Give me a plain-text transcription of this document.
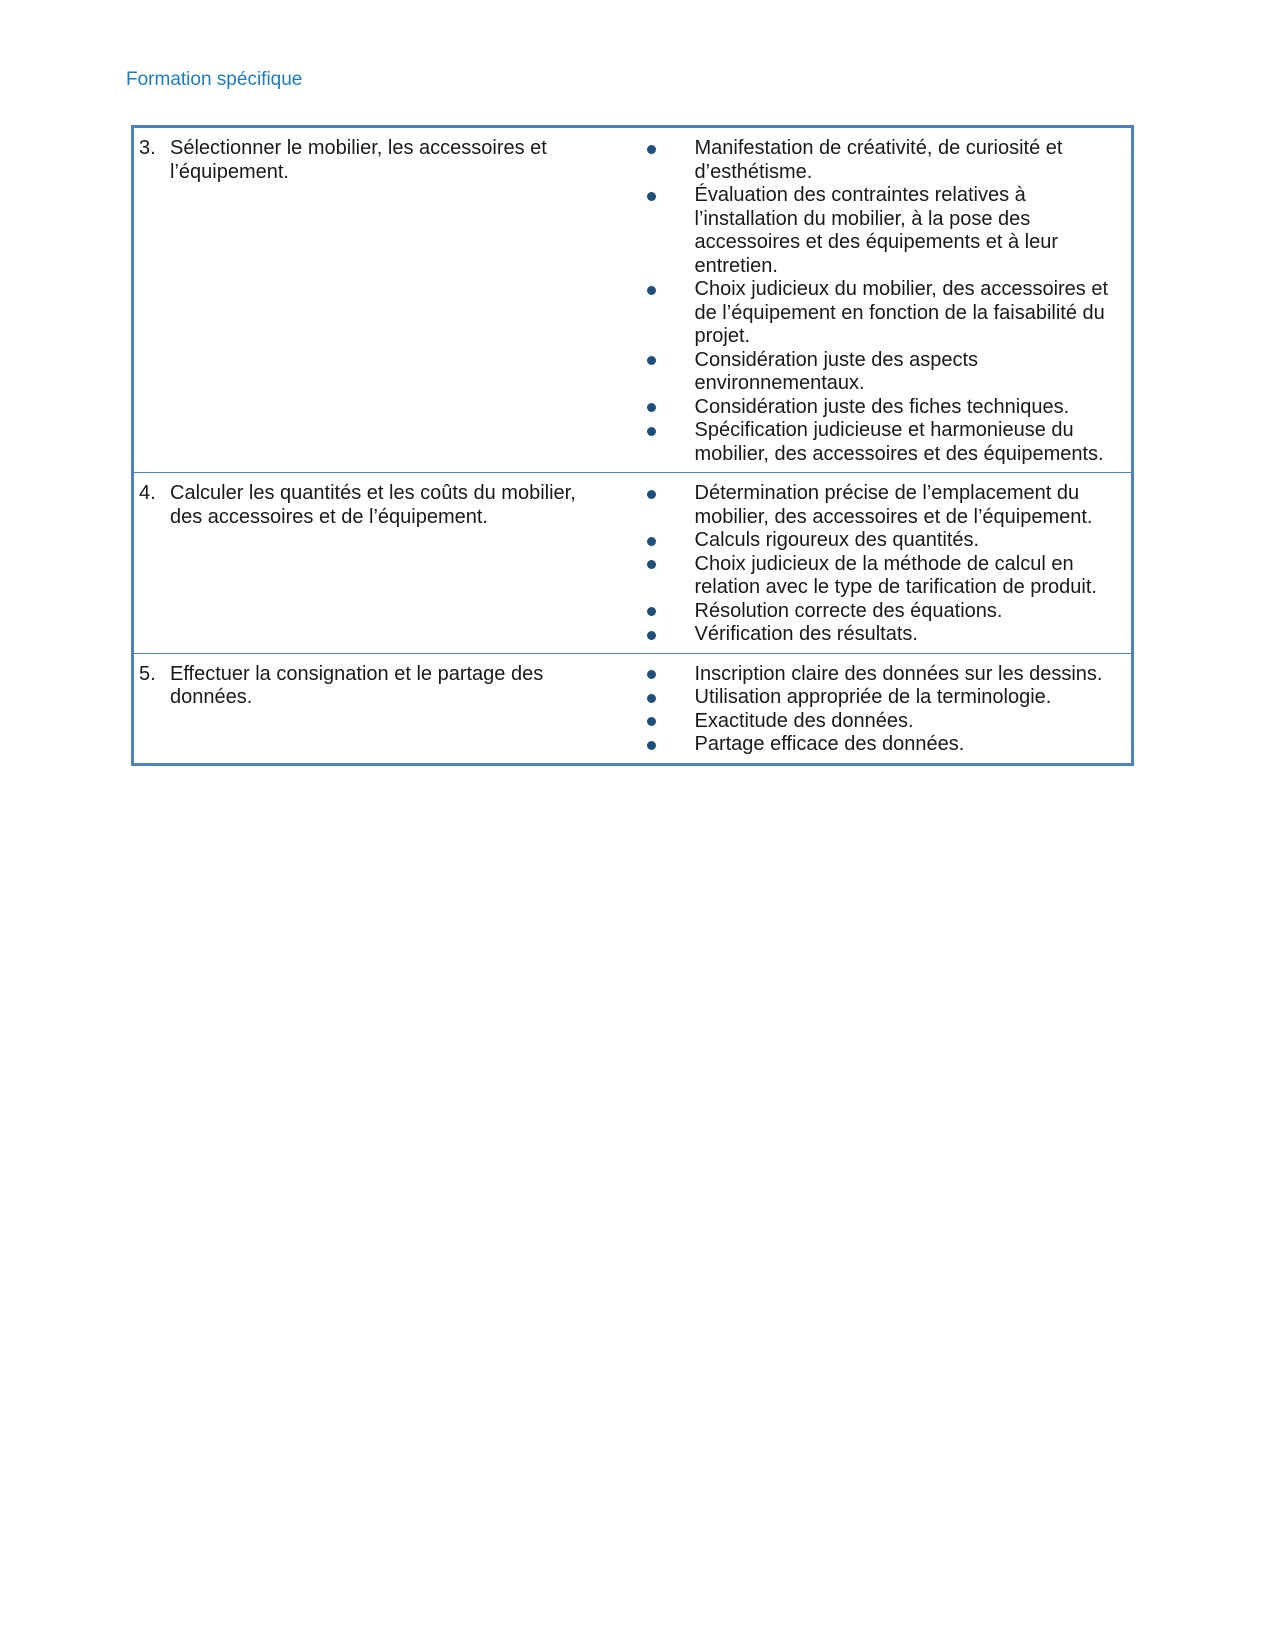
Formation spécifique
3. Sélectionner le mobilier, les accessoires et l’équipement.

Manifestation de créativité, de curiosité et d’esthétisme.
Évaluation des contraintes relatives à l’installation du mobilier, à la pose des accessoires et des équipements et à leur entretien.
Choix judicieux du mobilier, des accessoires et de l’équipement en fonction de la faisabilité du projet.
Considération juste des aspects environnementaux.
Considération juste des fiches techniques.
Spécification judicieuse et harmonieuse du mobilier, des accessoires et des équipements.

4. Calculer les quantités et les coûts du mobilier, des accessoires et de l’équipement.

Détermination précise de l’emplacement du mobilier, des accessoires et de l’équipement.
Calculs rigoureux des quantités.
Choix judicieux de la méthode de calcul en relation avec le type de tarification de produit.
Résolution correcte des équations.
Vérification des résultats.

5. Effectuer la consignation et le partage des données.

Inscription claire des données sur les dessins.
Utilisation appropriée de la terminologie.
Exactitude des données.
Partage efficace des données.
